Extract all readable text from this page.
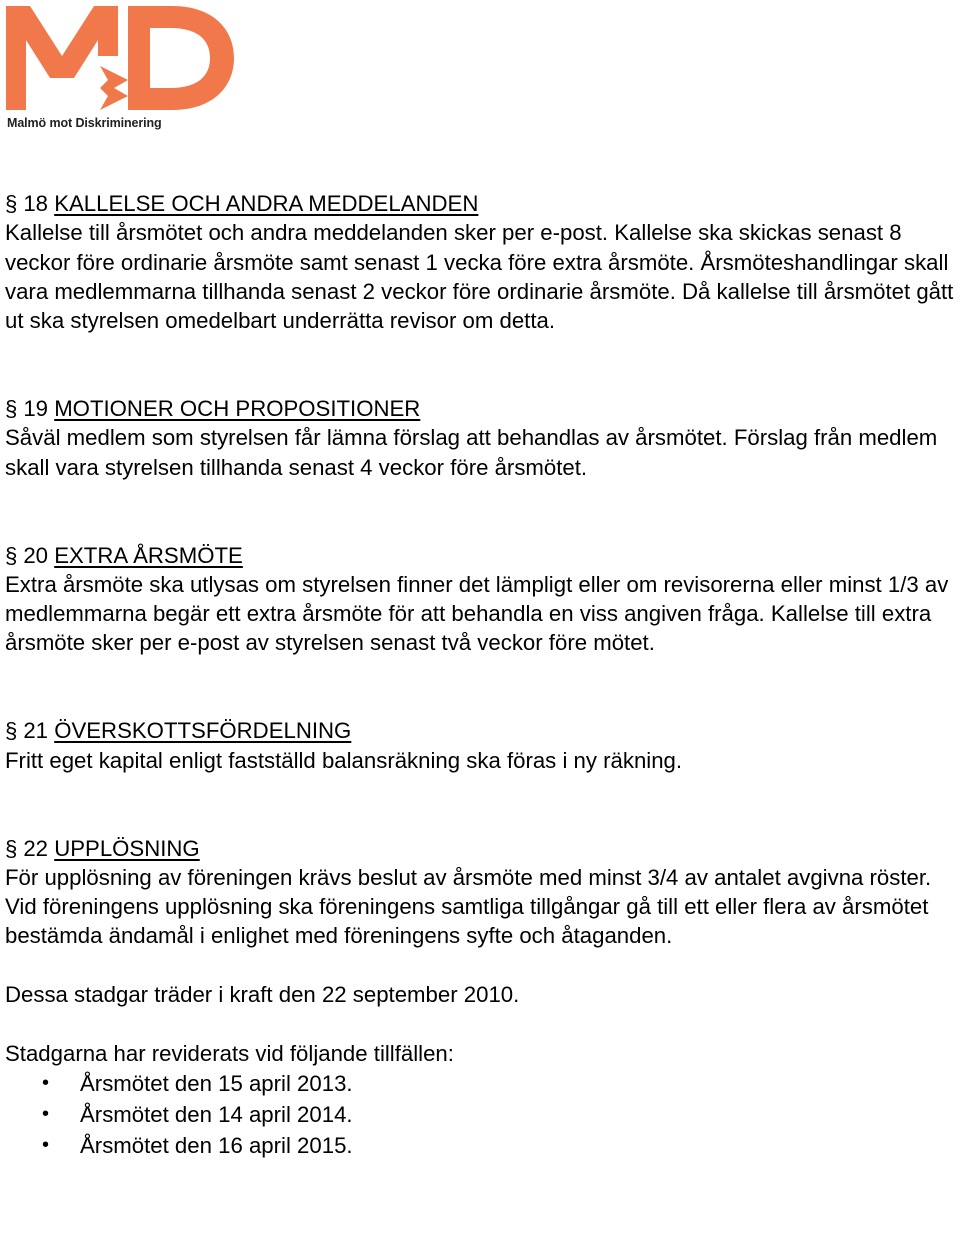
Malmö mot Diskriminering
§ 18 KALLELSE OCH ANDRA MEDDELANDEN

Kallelse till årsmötet och andra meddelanden sker per e-post. Kallelse ska skickas senast 8 veckor före ordinarie årsmöte samt senast 1 vecka före extra årsmöte. Årsmöteshandlingar skall vara medlemmarna tillhanda senast 2 veckor före ordinarie årsmöte. Då kallelse till årsmötet gått ut ska styrelsen omedelbart underrätta revisor om detta.

§ 19 MOTIONER OCH PROPOSITIONER

Såväl medlem som styrelsen får lämna förslag att behandlas av årsmötet. Förslag från medlem skall vara styrelsen tillhanda senast 4 veckor före årsmötet.

§ 20 EXTRA ÅRSMÖTE

Extra årsmöte ska utlysas om styrelsen finner det lämpligt eller om revisorerna eller minst 1/3 av medlemmarna begär ett extra årsmöte för att behandla en viss angiven fråga. Kallelse till extra årsmöte sker per e-post av styrelsen senast två veckor före mötet.

§ 21 ÖVERSKOTTSFÖRDELNING

Fritt eget kapital enligt fastställd balansräkning ska föras i ny räkning.

§ 22 UPPLÖSNING

För upplösning av föreningen krävs beslut av årsmöte med minst 3/4 av antalet avgivna röster. Vid föreningens upplösning ska föreningens samtliga tillgångar gå till ett eller flera av årsmötet bestämda ändamål i enlighet med föreningens syfte och åtaganden.

Dessa stadgar träder i kraft den 22 september 2010.

Stadgarna har reviderats vid följande tillfällen:

• Årsmötet den 15 april 2013.
• Årsmötet den 14 april 2014.
• Årsmötet den 16 april 2015.
